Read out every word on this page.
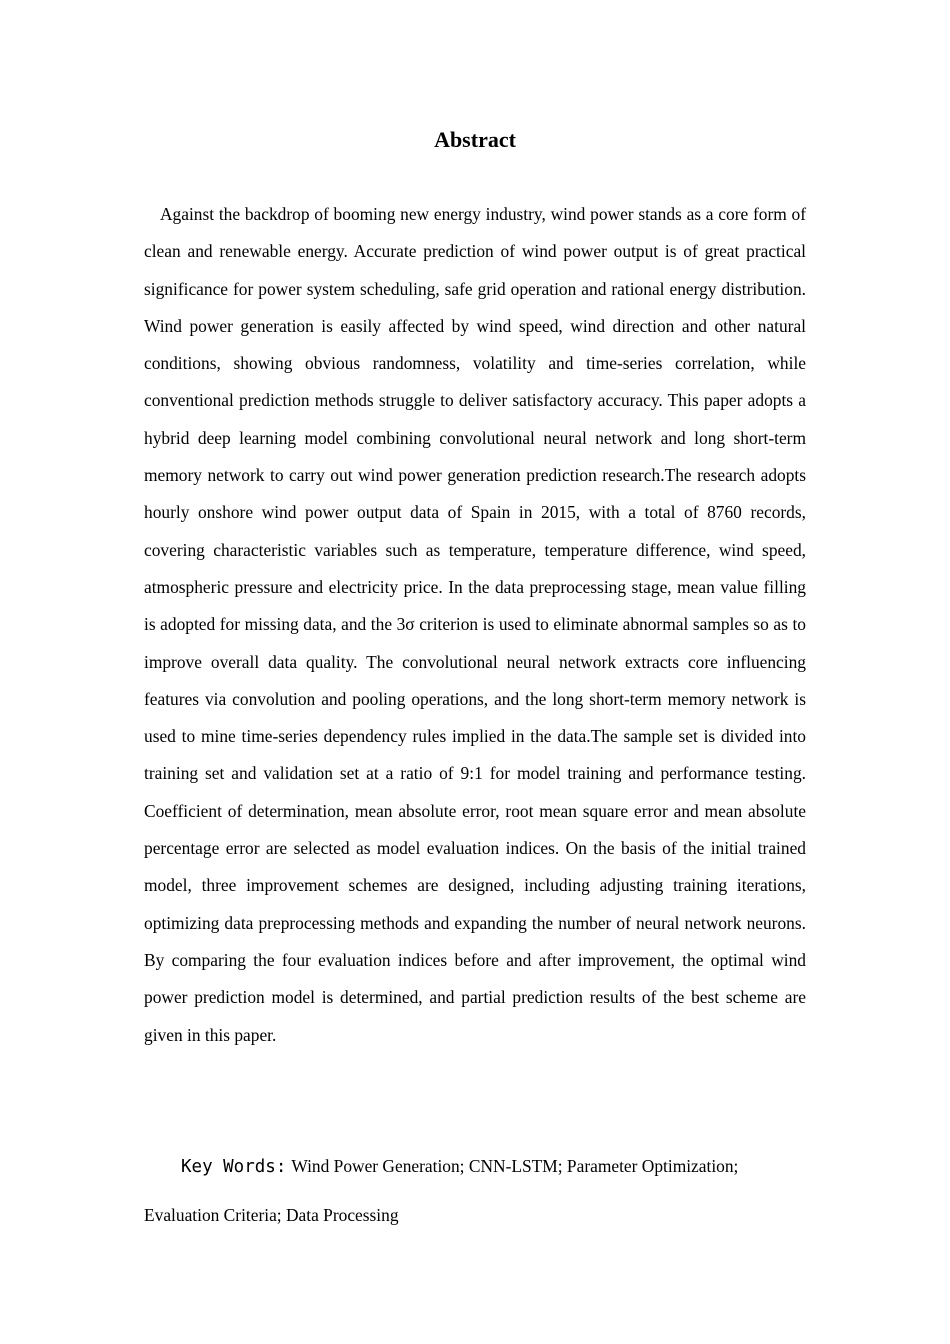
Abstract

Against the backdrop of booming new energy industry, wind power stands as a core form of clean and renewable energy. Accurate prediction of wind power output is of great practical significance for power system scheduling, safe grid operation and rational energy distribution. Wind power generation is easily affected by wind speed, wind direction and other natural conditions, showing obvious randomness, volatility and time-series correlation, while conventional prediction methods struggle to deliver satisfactory accuracy. This paper adopts a hybrid deep learning model combining convolutional neural network and long short-term memory network to carry out wind power generation prediction research.The research adopts hourly onshore wind power output data of Spain in 2015, with a total of 8760 records, covering characteristic variables such as temperature, temperature difference, wind speed, atmospheric pressure and electricity price. In the data preprocessing stage, mean value filling is adopted for missing data, and the 3σ criterion is used to eliminate abnormal samples so as to improve overall data quality. The convolutional neural network extracts core influencing features via convolution and pooling operations, and the long short-term memory network is used to mine time-series dependency rules implied in the data.The sample set is divided into training set and validation set at a ratio of 9:1 for model training and performance testing. Coefficient of determination, mean absolute error, root mean square error and mean absolute percentage error are selected as model evaluation indices. On the basis of the initial trained model, three improvement schemes are designed, including adjusting training iterations, optimizing data preprocessing methods and expanding the number of neural network neurons. By comparing the four evaluation indices before and after improvement, the optimal wind power prediction model is determined, and partial prediction results of the best scheme are given in this paper.

Key Words: Wind Power Generation; CNN-LSTM; Parameter Optimization; Evaluation Criteria; Data Processing
